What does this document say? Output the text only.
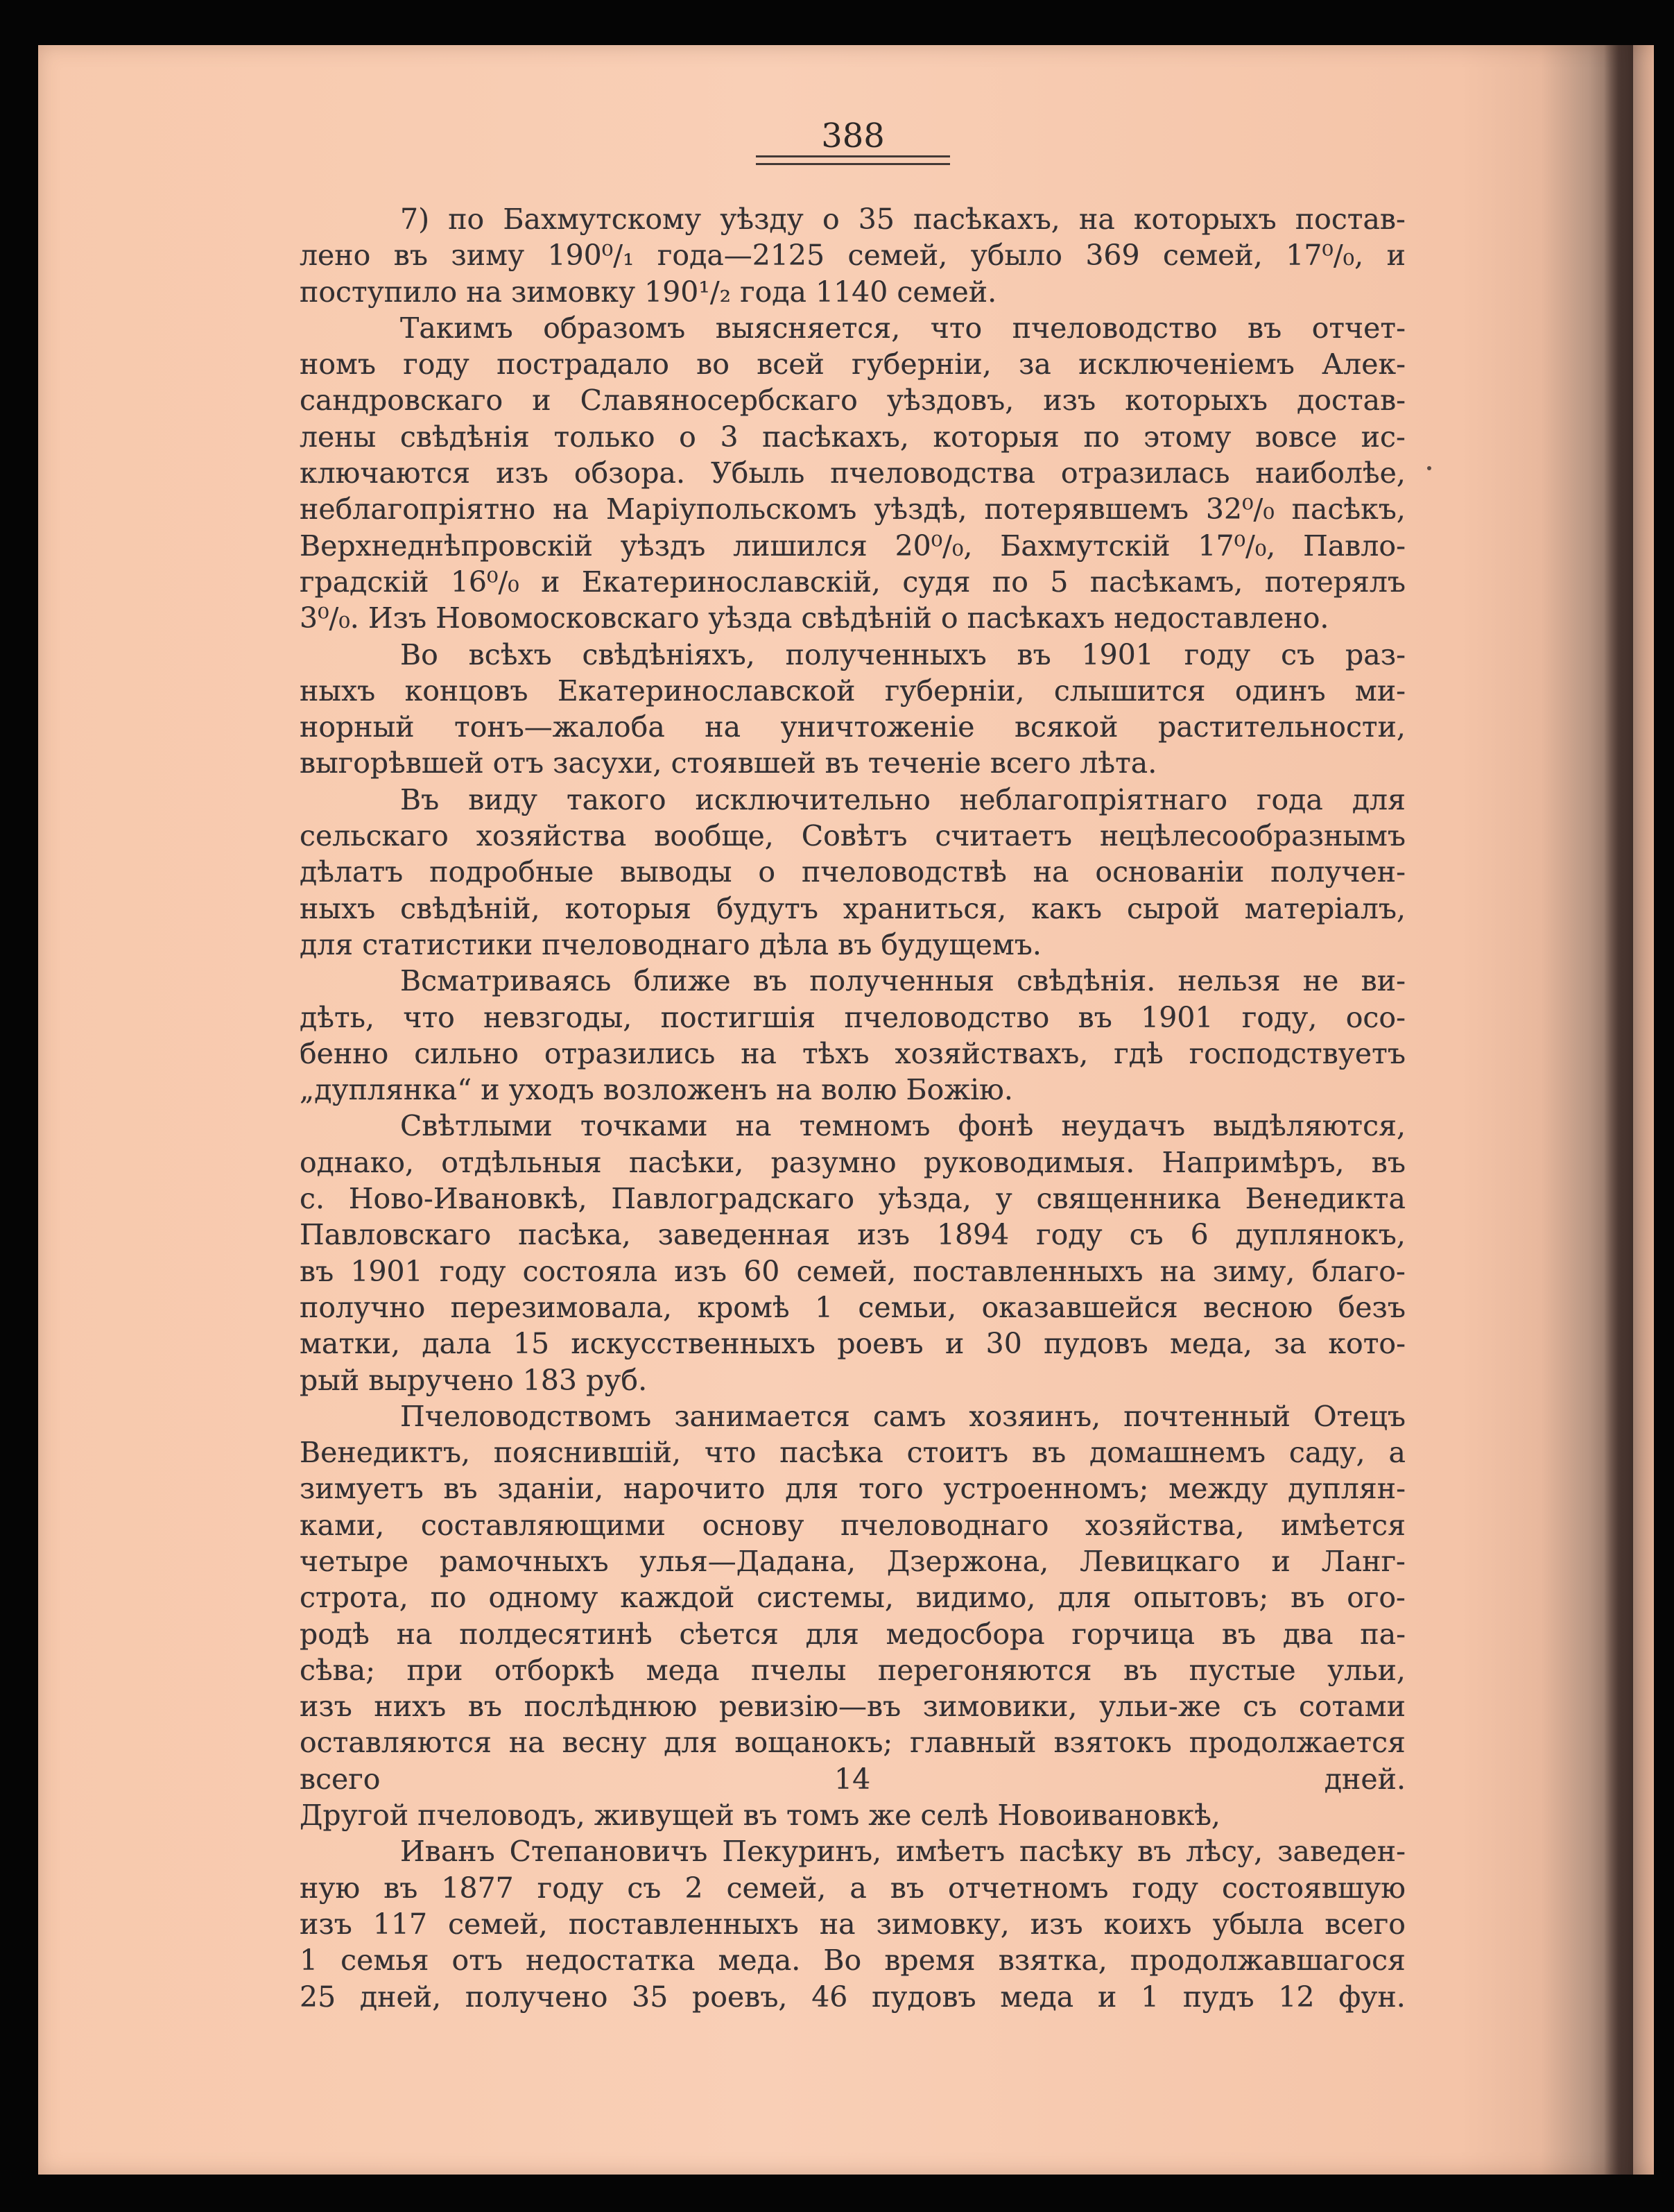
388
7) по Бахмутскому уѣзду о 35 пасѣкахъ, на которыхъ постав-
лено въ зиму 190⁰/₁ года—2125 семей, убыло 369 семей, 17⁰/₀, и
поступило на зимовку 190¹/₂ года 1140 семей.
Такимъ образомъ выясняется, что пчеловодство въ отчет-
номъ году пострадало во всей губерніи, за исключеніемъ Алек-
сандровскаго и Славяносербскаго уѣздовъ, изъ которыхъ достав-
лены свѣдѣнія только о 3 пасѣкахъ, которыя по этому вовсе ис-
ключаются изъ обзора. Убыль пчеловодства отразилась наиболѣе,
неблагопріятно на Маріупольскомъ уѣздѣ, потерявшемъ 32⁰/₀ пасѣкъ,
Верхнеднѣпровскій уѣздъ лишился 20⁰/₀, Бахмутскій 17⁰/₀, Павло-
градскій 16⁰/₀ и Екатеринославскій, судя по 5 пасѣкамъ, потерялъ
3⁰/₀. Изъ Новомосковскаго уѣзда свѣдѣній о пасѣкахъ недоставлено.
Во всѣхъ свѣдѣніяхъ, полученныхъ въ 1901 году съ раз-
ныхъ концовъ Екатеринославской губерніи, слышится одинъ ми-
норный тонъ—жалоба на уничтоженіе всякой растительности,
выгорѣвшей отъ засухи, стоявшей въ теченіе всего лѣта.
Въ виду такого исключительно неблагопріятнаго года для
сельскаго хозяйства вообще, Совѣтъ считаетъ нецѣлесообразнымъ
дѣлатъ подробные выводы о пчеловодствѣ на основаніи получен-
ныхъ свѣдѣній, которыя будутъ храниться, какъ сырой матеріалъ,
для статистики пчеловоднаго дѣла въ будущемъ.
Всматриваясь ближе въ полученныя свѣдѣнія. нельзя не ви-
дѣть, что невзгоды, постигшія пчеловодство въ 1901 году, осо-
бенно сильно отразились на тѣхъ хозяйствахъ, гдѣ господствуетъ
„дуплянка“ и уходъ возложенъ на волю Божію.
Свѣтлыми точками на темномъ фонѣ неудачъ выдѣляются,
однако, отдѣльныя пасѣки, разумно руководимыя. Напримѣръ, въ
с. Ново-Ивановкѣ, Павлоградскаго уѣзда, у священника Венедикта
Павловскаго пасѣка, заведенная изъ 1894 году съ 6 дуплянокъ,
въ 1901 году состояла изъ 60 семей, поставленныхъ на зиму, благо-
получно перезимовала, кромѣ 1 семьи, оказавшейся весною безъ
матки, дала 15 искусственныхъ роевъ и 30 пудовъ меда, за кото-
рый выручено 183 руб.
Пчеловодствомъ занимается самъ хозяинъ, почтенный Отецъ
Венедиктъ, пояснившій, что пасѣка стоитъ въ домашнемъ саду, а
зимуетъ въ зданіи, нарочито для того устроенномъ; между дуплян-
ками, составляющими основу пчеловоднаго хозяйства, имѣется
четыре рамочныхъ улья—Дадана, Дзержона, Левицкаго и Ланг-
строта, по одному каждой системы, видимо, для опытовъ; въ ого-
родѣ на полдесятинѣ сѣется для медосбора горчица въ два па-
сѣва; при отборкѣ меда пчелы перегоняются въ пустые ульи,
изъ нихъ въ послѣднюю ревизію—въ зимовики, ульи-же съ сотами
оставляются на весну для вощанокъ; главный взятокъ продолжается
всего	14	дней.
Другой пчеловодъ, живущей въ томъ же селѣ Новоивановкѣ,
Иванъ Степановичъ Пекуринъ, имѣетъ пасѣку въ лѣсу, заведен-
ную въ 1877 году съ 2 семей, а въ отчетномъ году состоявшую
изъ 117 семей, поставленныхъ на зимовку, изъ коихъ убыла всего
1 семья отъ недостатка меда. Во время взятка, продолжавшагося
25 дней, получено 35 роевъ, 46 пудовъ меда и 1 пудъ 12 фун.
